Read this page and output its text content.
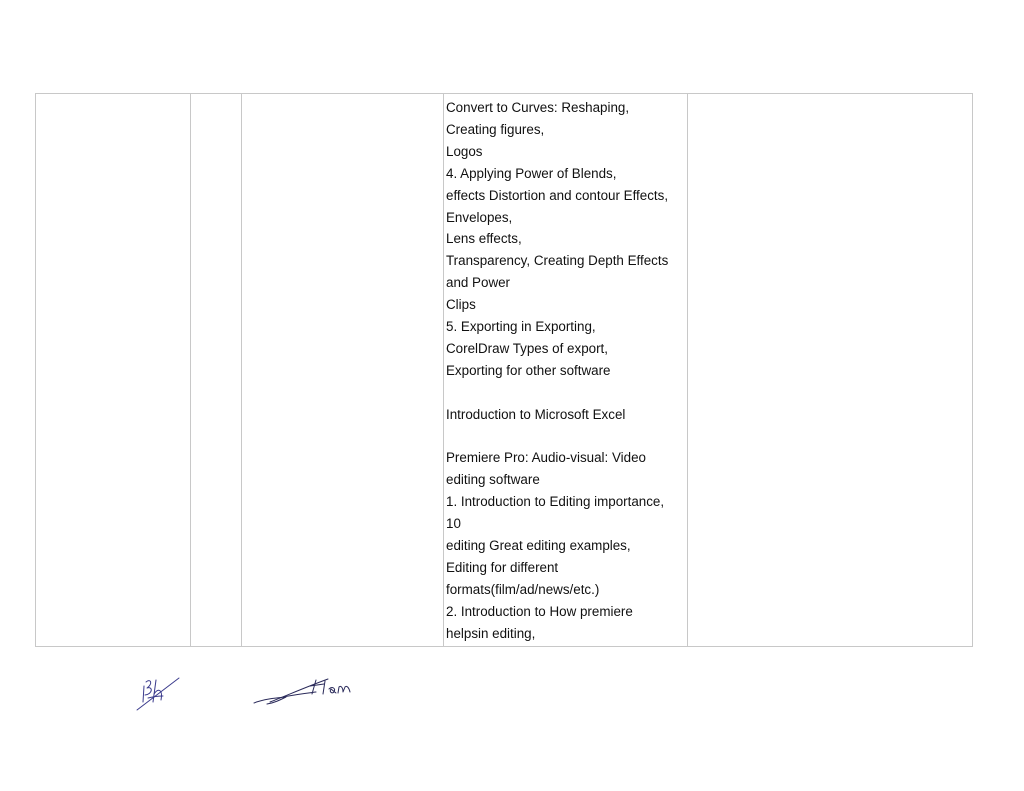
Convert to Curves: Reshaping,
Creating figures,
Logos
4. Applying Power of Blends,
effects Distortion and contour Effects,
Envelopes,
Lens effects,
Transparency, Creating Depth Effects
and Power
Clips
5. Exporting in Exporting,
CorelDraw Types of export,
Exporting for other software
Introduction to Microsoft Excel
Premiere Pro: Audio-visual: Video
editing software
1. Introduction to Editing importance,
10
editing Great editing examples,
Editing for different
formats(film/ad/news/etc.)
2. Introduction to How premiere
helpsin editing,
